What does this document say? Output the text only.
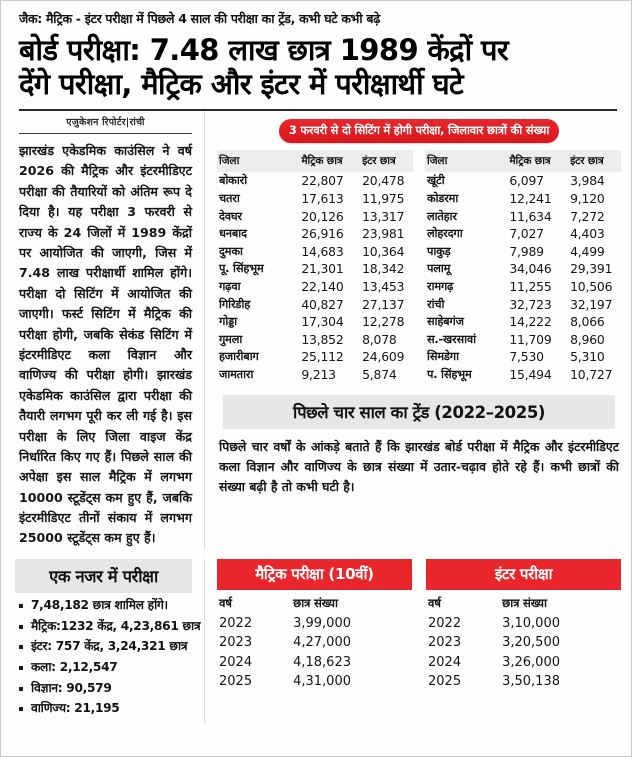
जैक: मैट्रिक - इंटर परीक्षा में पिछले 4 साल की परीक्षा का ट्रेंड, कभी घटे कभी बढ़े
बोर्ड परीक्षा: 7.48 लाख छात्र 1989 केंद्रों पर
देंगे परीक्षा, मैट्रिक और इंटर में परीक्षार्थी घटे
एजुकेशन रिपोर्टर|रांची
झारखंड एकेडमिक काउंसिल ने वर्ष 2026 की मैट्रिक और इंटरमीडिएट परीक्षा की तैयारियों को अंतिम रूप दे दिया है। यह परीक्षा 3 फरवरी से राज्य के 24 जिलों में 1989 केंद्रों पर आयोजित की जाएगी, जिस में 7.48 लाख परीक्षार्थी शामिल होंगे। परीक्षा दो सिटिंग में आयोजित की जाएगी। फर्स्ट सिटिंग में मैट्रिक की परीक्षा होगी, जबकि सेकंड सिटिंग में इंटरमीडिएट कला विज्ञान और वाणिज्य की परीक्षा होगी। झारखंड एकेडमिक काउंसिल द्वारा परीक्षा की तैयारी लगभग पूरी कर ली गई है। इस परीक्षा के लिए जिला वाइज केंद्र निर्धारित किए गए हैं। पिछले साल की अपेक्षा इस साल मैट्रिक में लगभग 10000 स्टूडेंट्स कम हुए हैं, जबकि इंटरमीडिएट तीनों संकाय में लगभग 25000 स्टूडेंट्स कम हुए हैं।
3 फरवरी से दो सिटिंग में होगी परीक्षा, जिलावार छात्रों की संख्या
जिला	मैट्रिक छात्र	इंटर छात्र
बोकारो	22,807	20,478
चतरा	17,613	11,975
देवघर	20,126	13,317
धनबाद	26,916	23,981
दुमका	14,683	10,364
पू. सिंहभूम	21,301	18,342
गढ़वा	22,140	13,453
गिरिडीह	40,827	27,137
गोड्डा	17,304	12,278
गुमला	13,852	8,078
हजारीबाग	25,112	24,609
जामतारा	9,213	5,874
जिला	मैट्रिक छात्र	इंटर छात्र
खूंटी	6,097	3,984
कोडरमा	12,241	9,120
लातेहार	11,634	7,272
लोहरदगा	7,027	4,403
पाकुड़	7,989	4,499
पलामू	34,046	29,391
रामगढ़	11,255	10,506
रांची	32,723	32,197
साहेबगंज	14,222	8,066
स.-खरसावां	11,709	8,960
सिमडेगा	7,530	5,310
प. सिंहभूम	15,494	10,727
पिछले चार साल का ट्रेंड (2022–2025)
पिछले चार वर्षों के आंकड़े बताते हैं कि झारखंड बोर्ड परीक्षा में मैट्रिक और इंटरमीडिएट कला विज्ञान और वाणिज्य के छात्र संख्या में उतार-चढ़ाव होते रहे हैं। कभी छात्रों की संख्या बढ़ी है तो कभी घटी है।
एक नजर में परीक्षा
7,48,182 छात्र शामिल होंगे।
मैट्रिक:1232 केंद्र, 4,23,861 छात्र
इंटर: 757 केंद्र, 3,24,321 छात्र
कला: 2,12,547
विज्ञान: 90,579
वाणिज्य: 21,195
मैट्रिक परीक्षा (10वीं)
वर्ष	छात्र संख्या
2022	3,99,000
2023	4,27,000
2024	4,18,623
2025	4,31,000
इंटर परीक्षा
वर्ष	छात्र संख्या
2022	3,10,000
2023	3,20,500
2024	3,26,000
2025	3,50,138
